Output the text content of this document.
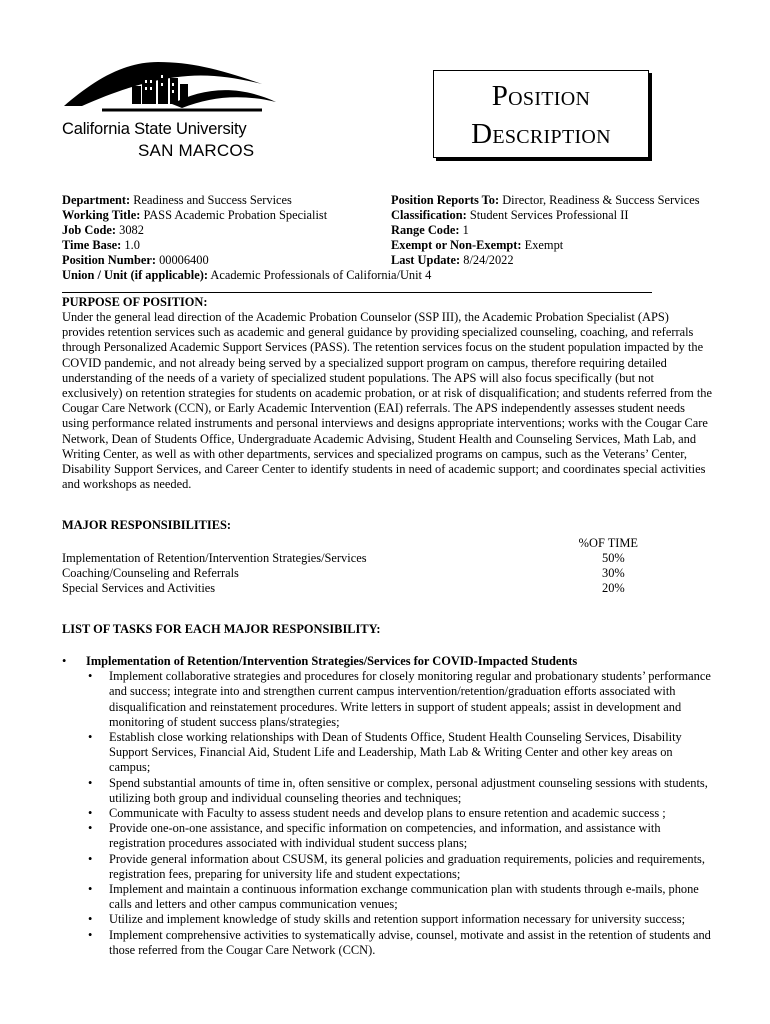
California State University
SAN MARCOS
Position
Description
Department: Readiness and Success Services
Working Title: PASS Academic Probation Specialist
Job Code: 3082
Time Base: 1.0
Position Number: 00006400
Union / Unit (if applicable): Academic Professionals of California/Unit 4
Position Reports To: Director, Readiness & Success Services
Classification: Student Services Professional II
Range Code: 1
Exempt or Non-Exempt: Exempt
Last Update: 8/24/2022
PURPOSE OF POSITION:
Under the general lead direction of the Academic Probation Counselor (SSP III), the Academic Probation Specialist (APS) provides retention services such as academic and general guidance by providing specialized counseling, coaching, and referrals through Personalized Academic Support Services (PASS). The retention services focus on the student population impacted by the COVID pandemic, and not already being served by a specialized support program on campus, therefore requiring detailed understanding of the needs of a variety of specialized student populations. The APS will also focus specifically (but not exclusively) on retention strategies for students on academic probation, or at risk of disqualification; and students referred from the Cougar Care Network (CCN), or Early Academic Intervention (EAI) referrals. The APS independently assesses student needs using performance related instruments and personal interviews and designs appropriate interventions; works with the Cougar Care Network, Dean of Students Office, Undergraduate Academic Advising, Student Health and Counseling Services, Math Lab, and Writing Center, as well as with other departments, services and specialized programs on campus, such as the Veterans’ Center, Disability Support Services, and Career Center to identify students in need of academic support; and coordinates special activities and workshops as needed.
MAJOR RESPONSIBILITIES:
%OF TIME
Implementation of Retention/Intervention Strategies/Services	50%
Coaching/Counseling and Referrals	30%
Special Services and Activities	20%
LIST OF TASKS FOR EACH MAJOR RESPONSIBILITY:
•	Implementation of Retention/Intervention Strategies/Services for COVID-Impacted Students
•	Implement collaborative strategies and procedures for closely monitoring regular and probationary students’ performance and success; integrate into and strengthen current campus intervention/retention/graduation efforts associated with disqualification and reinstatement procedures. Write letters in support of student appeals; assist in development and monitoring of student success plans/strategies;
•	Establish close working relationships with Dean of Students Office, Student Health Counseling Services, Disability Support Services, Financial Aid, Student Life and Leadership, Math Lab & Writing Center and other key areas on campus;
•	Spend substantial amounts of time in, often sensitive or complex, personal adjustment counseling sessions with students, utilizing both group and individual counseling theories and techniques;
•	Communicate with Faculty to assess student needs and develop plans to ensure retention and academic success ;
•	Provide one-on-one assistance, and specific information on competencies, and information, and assistance with registration procedures associated with individual student success plans;
•	Provide general information about CSUSM, its general policies and graduation requirements, policies and requirements, registration fees, preparing for university life and student expectations;
•	Implement and maintain a continuous information exchange communication plan with students through e-mails, phone calls and letters and other campus communication venues;
•	Utilize and implement knowledge of study skills and retention support information necessary for university success;
•	Implement comprehensive activities to systematically advise, counsel, motivate and assist in the retention of students and those referred from the Cougar Care Network (CCN).
